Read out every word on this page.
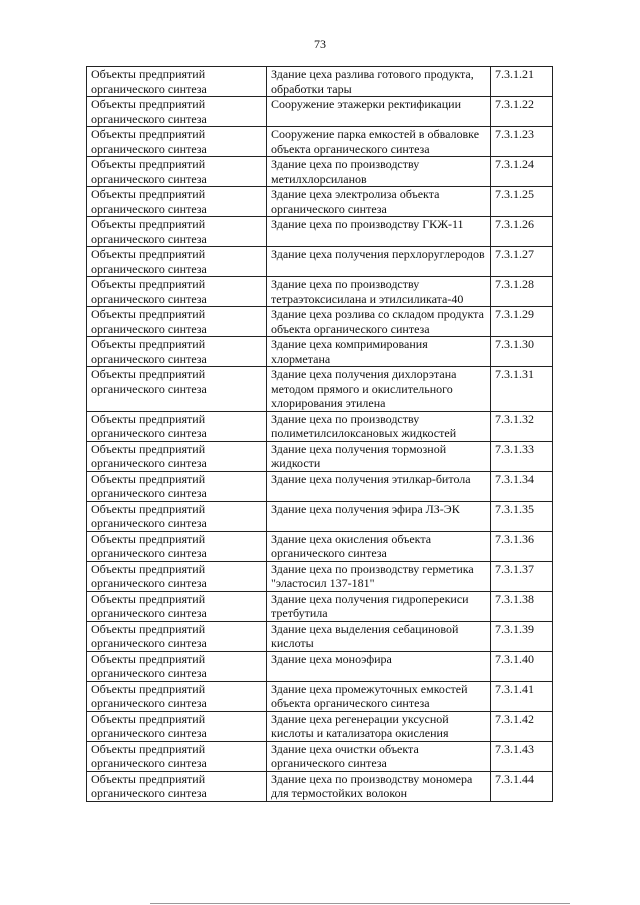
73
Объекты предприятий органического синтеза	Здание цеха разлива готового продукта, обработки тары	7.3.1.21
Объекты предприятий органического синтеза	Сооружение этажерки ректификации	7.3.1.22
Объекты предприятий органического синтеза	Сооружение парка емкостей в обваловке объекта органического синтеза	7.3.1.23
Объекты предприятий органического синтеза	Здание цеха по производству метилхлорсиланов	7.3.1.24
Объекты предприятий органического синтеза	Здание цеха электролиза объекта органического синтеза	7.3.1.25
Объекты предприятий органического синтеза	Здание цеха по производству ГКЖ-11	7.3.1.26
Объекты предприятий органического синтеза	Здание цеха получения перхлоруглеродов	7.3.1.27
Объекты предприятий органического синтеза	Здание цеха по производству тетраэтоксисилана и этилсиликата-40	7.3.1.28
Объекты предприятий органического синтеза	Здание цеха розлива со складом продукта объекта органического синтеза	7.3.1.29
Объекты предприятий органического синтеза	Здание цеха компримирования хлорметана	7.3.1.30
Объекты предприятий органического синтеза	Здание цеха получения дихлорэтана методом прямого и окислительного хлорирования этилена	7.3.1.31
Объекты предприятий органического синтеза	Здание цеха по производству полиметилсилоксановых жидкостей	7.3.1.32
Объекты предприятий органического синтеза	Здание цеха получения тормозной жидкости	7.3.1.33
Объекты предприятий органического синтеза	Здание цеха получения этилкар-битола	7.3.1.34
Объекты предприятий органического синтеза	Здание цеха получения эфира ЛЗ-ЭК	7.3.1.35
Объекты предприятий органического синтеза	Здание цеха окисления объекта органического синтеза	7.3.1.36
Объекты предприятий органического синтеза	Здание цеха по производству герметика "эластосил 137-181"	7.3.1.37
Объекты предприятий органического синтеза	Здание цеха получения гидроперекиси третбутила	7.3.1.38
Объекты предприятий органического синтеза	Здание цеха выделения себациновой кислоты	7.3.1.39
Объекты предприятий органического синтеза	Здание цеха моноэфира	7.3.1.40
Объекты предприятий органического синтеза	Здание цеха промежуточных емкостей объекта органического синтеза	7.3.1.41
Объекты предприятий органического синтеза	Здание цеха регенерации уксусной кислоты и катализатора окисления	7.3.1.42
Объекты предприятий органического синтеза	Здание цеха очистки объекта органического синтеза	7.3.1.43
Объекты предприятий органического синтеза	Здание цеха по производству мономера для термостойких волокон	7.3.1.44
